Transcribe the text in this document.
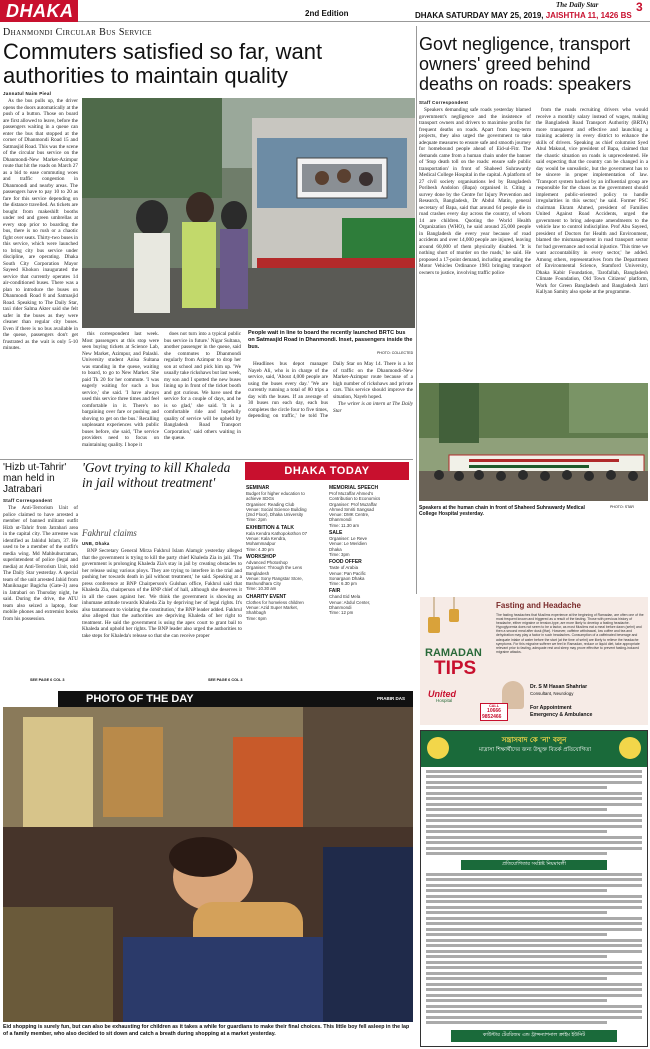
DHAKA	2nd Edition
The Daily Star	3
DHAKA SATURDAY MAY 25, 2019, JAISHTHA 11, 1426 BS
Dhanmondi Circular Bus Service
Commuters satisfied so far, want authorities to maintain quality
Jannatul Naim Pieal

As the bus pulls up, the driver opens the doors automatically at the push of a button. Those on board are first allowed to leave, before the passengers waiting in a queue can enter the bus that stopped at the corner of Dhanmondi Road 15 and Satmasjid Road. This was the scene of the circular bus service on the Dhanmondi-New Market-Azimpur route that hit the roads on March 27 as a bid to ease commuting woes and traffic congestion in Dhanmondi and nearby areas. The passengers have to pay 10 to 20 as fare for this service depending on the distance travelled. As tickets are bought from makeshift booths under red and green umbrellas at every stop prior to boarding the bus, there is no rush or a chaotic fight over seats. Thirty-two buses in this service, which were launched to bring city bus service under discipline, are operating. Dhaka South City Corporation Mayor Sayeed Khokon inaugurated the service that currently operates 14 air-conditioned buses. There was a plan to introduce the buses on Dhanmondi Road 8 and Satmasjid Road. Speaking to The Daily Star, taxi rider Salma Akter said she felt safer in the buses as they were cleaner than regular city buses. Even if there is no bus available in the queue, passengers don't get frustrated as the wait is only 5-10 minutes.

People wait in line to board the recently launched BRTC bus on Satmasjid Road in Dhanmondi. Inset, passengers inside the bus.
PHOTO: COLLECTED

this correspondent last week. Most passengers at this stop were seen buying tickets at Science Lab, New Market, Azimpur, and Palashi. University student Anisa Sultana was standing in the queue, waiting to board, to go to New Market. She paid Tk 20 for her commute. 'I was eagerly waiting for such a bus service,' she said. 'I have always used this service three times and feel comfortable in it. There's no bargaining over fare or pushing and shoving to get on the bus.' Recalling unpleasant experiences with public buses before, she said, 'The service providers need to focus on maintaining quality. I hope it

does not turn into a typical public bus service in future.' Nigar Sultana, another passenger in the queue, said she commutes to Dhanmondi regularly from Azimpur to drop her son at school and pick him up. 'We usually take rickshaws but last week, my son and I spotted the new buses lining up in front of the ticket booth and got curious. We have used the service for a couple of days, and he is so glad,' she said. 'It is a comfortable ride and hopefully quality of service will be upheld by Bangladesh Road Transport Corporation,' said others waiting in the queue.

Headlines bus depot manager Nayeb Ali, who is in charge of the service, said, 'About 4,000 people are using the buses every day.' 'We are currently running a total of 80 trips a day with the buses. If an average of 30 buses run each day, each bus completes the circle four to five times, depending on traffic,' he told The Daily Star on May 14. There is a lot of traffic on the Dhanmondi-New Market-Azimpur route because of a high number of rickshaws and private cars. This service should improve the situation, Nayeb hoped.

The writer is an intern at The Daily Star

Govt negligence, transport owners' greed behind deaths on roads: speakers
Staff Correspondent

Speakers demanding safe roads yesterday blamed government's negligence and the insistence of transport owners and drivers to maximise profits for frequent deaths on roads. Apart from long-term projects, they also urged the government to take adequate measures to ensure safe and smooth journey for homebound people ahead of Eid-ul-Fitr. The demands came from a human chain under the banner of 'Stop death toll on the roads: ensure safe public transportation' in front of Shaheed Suhrawardy Medical College Hospital in the capital. A platform of 27 civil society organisations led by Bangladesh Poribesh Andolon (Bapa) organised it. Citing a survey done by the Centre for Injury Prevention and Research, Bangladesh, Dr Abdul Matin, general secretary of Bapa, said that around 64 people die in road crashes every day across the country, of whom 14 are children. Quoting the World Health Organization (WHO), he said around 25,000 people in Bangladesh die every year because of road accidents and over 14,000 people are injured, leaving around 60,000 of them physically disabled. 'It is nothing short of murder on the roads,' he said. He proposed a 17-point demand, including amending the Motor Vehicles Ordinance 1983 bringing transport owners to justice, involving traffic police

from the roads recruiting drivers who would receive a monthly salary instead of wages, making the Bangladesh Road Transport Authority (BRTA) more transparent and effective and launching a training academy in every district to enhance the skills of drivers. Speaking as chief columnist Syed Abul Maksud, vice president of Bapa, claimed that the chaotic situation on roads is unprecedented. He said expecting that the country can be changed in a day would be unrealistic, but the government has to be sincere in proper implementation of law. 'Transport system backed by an influential group are responsible for the chaos as the government should implement public-oriented policy to handle irregularities in this sector,' he said. Former PSC chairman Ekram Ahmed, president of Families United Against Road Accidents, urged the government to bring adequate amendments to the vehicle law to control indiscipline. Prof Abu Sayeed, president of Doctors for Health and Environment, blamed the mismanagement in road transport sector for bad governance and social injustice. 'This time we want accountability in every sector,' he added. Among others, representatives from the Department of Environmental Science, Stamford University, Dhaka Kabir Foundation, Tarofallah, Bangladesh Climate Foundation, Old Town Citizens' platform, Work for Green Bangladesh and Bangladesh Jatri Kallyan Samity also spoke at the programme.

Speakers at the human chain in front of Shaheed Suhrawardy Medical College Hospital yesterday.
PHOTO: STAR
'Hizb ut-Tahrir' man held in Jatrabari
Staff Correspondent

The Anti-Terrorism Unit of police claimed to have arrested a member of banned militant outfit Hizb ut-Tahrir from Jatrabari area in the capital city. The arrestee was identified as Jahidul Islam, 37. He used to be a member of the outfit's media wing. Md Mahbuburraman, superintendent of police (legal and media) at Anti-Terrorism Unit, told The Daily Star yesterday. A special team of the unit arrested Jahid from Maniknagar Bagicha (Gate-3) area in Jatrabari on Thursday night, he said. During the drive, the ATU team also seized a laptop, four mobile phones and extremist books from his possession.

SEE PAGE 6 COL 3
'Govt trying to kill Khaleda in jail without treatment'
Fakhrul claims
UNB, Dhaka

BNP Secretary General Mirza Fakhrul Islam Alamgir yesterday alleged that the government is trying to kill the party chief Khaleda Zia in jail. 'The government is prolonging Khaleda Zia's stay in jail by creating obstacles to her release using various ploys. They are trying to interfere in the trial and pushing her towards death in jail without treatment,' he said. Speaking at a press conference at BNP Chairperson's Gulshan office, Fakhrul said that Khaleda Zia, chairperson of the BNP chief of hall, although she deserves it in all the cases against her. 'We think the government is showing an inhumane attitude towards Khaleda Zia by depriving her of legal rights. It's also tantamount to violating the constitution,' the BNP leader added. Fakhrul also alleged that the authorities are depriving Khaleda of her right to treatment. He said the government is using the apex court to grant bail to Khaleda and uphold her rights. The BNP leader also urged the authorities to take steps for Khaleda's release so that she can receive proper

SEE PAGE 6 COL 3
DHAKA TODAY
SEMINAR
Budget for higher education to
achieve SDGs
Organiser: Reading Club
Venue: Social Science Building
(2nd Floor), Dhaka University
Time: 2pm
EXHIBITION & TALK
Kala Kendra Kathopokothon 07
Venue: Kala Kendra,
Mohammadpur
Time: 4.30 pm
WORKSHOP
Advanced Photoshop
Organiser: Through the Lens
Bangladesh
Venue: Sony Rangstar Store,
Bashundhara City
Time: 10.30 am
CHARITY EVENT
Clothes for homeless children
Venue: Azid Super Market,
Shahbagh
Time: 6pm
MEMORIAL SPEECH
Prof Muzaffar Ahmed's
Contribution to Economics
Organiser: Prof Muzaffar
Ahmed Smriti Sangsad
Venue: DMK Centre,
Dhanmondi
Time: 11.30 am
SALE
Organiser: Le Reve
Venue: Le Meridien
Dhaka
Time: 3pm
FOOD OFFER
Taste of Arabia
Venue: Pan Pacific
Sonargaon Dhaka
Time: 6.30 pm
FAIR
Chand Eid Mela
Venue: Abdul Center,
Dhanmondi
Time: 12 pm
PHOTO OF THE DAY	PRABIR DAS
Eid shopping is surely fun, but can also be exhausting for children as it takes a while for guardians to make their final choices. This little boy fell asleep in the lap of a family member, who also decided to sit down and catch a breath during shopping at a market yesterday.
RAMADAN
TIPS
Fasting and Headache
The fasting headaches that Muslims experience at the beginning of Ramadan, are often one of the most frequent known and triggered as a result of the fasting. Those with previous history of headache, either migraine or tension-type, are more likely to develop a fasting headache. Hypoglycemia does not seem to be a factor, as most Muslims eat a meal before dawn (sehri) and then a second meal after dusk (iftar). However, caffeine withdrawal, low coffee and tea and dehydration may play a factor in such headaches. Consumption of a caffeinated beverage and adequate intake of water before the start (at the time of sehri) are likely to relieve the headache symptoms. For this migraine sufferer we feel in Ramadan, reduce or liquid diet, take appropriate relevant prior to fasting, adequate rest and sleep may prove effective to prevent fasting-induced migraine attacks.
Dr. S M Hasan Shahriar
Consultant, Neurology
United
Hospital
CALL
10666
9852466
For Appointment
Emergency & Ambulance
সন্ত্রাসবাদ কে 'না' বলুন
মাদ্রাসা শিক্ষার্থীদের জন্য উন্মুক্ত বিতর্ক প্রতিযোগিতা
প্রতিযোগিতার সংশ্লিষ্ট নিয়মাবলী
কাউন্টার টেররিজম এন্ড ট্রান্সন্যাশনাল ক্রাইম ইউনিট
